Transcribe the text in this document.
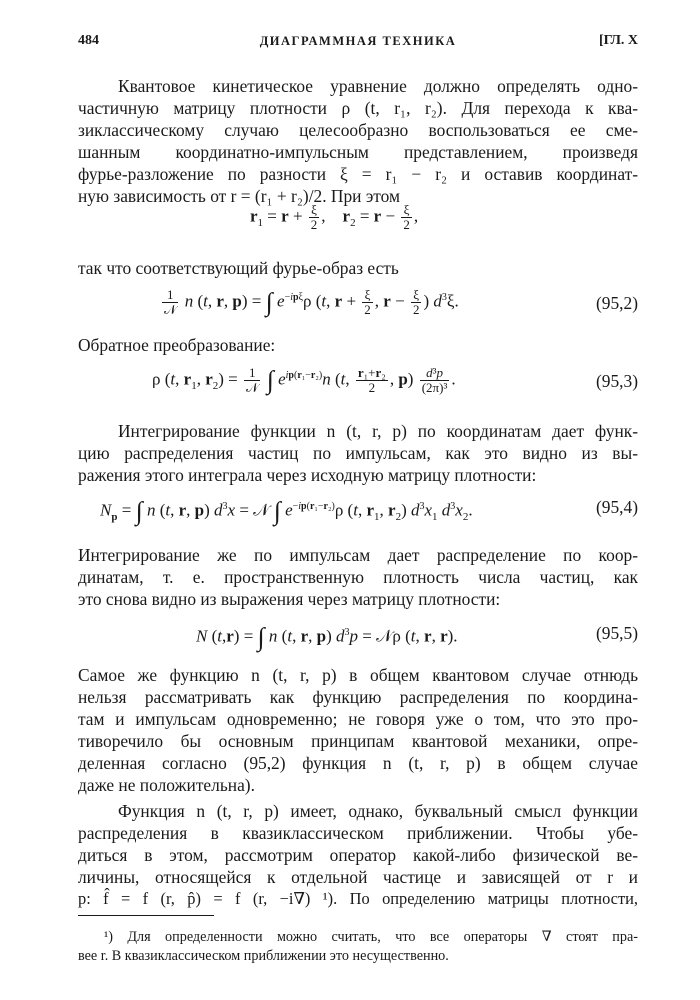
484	ДИАГРАММНАЯ ТЕХНИКА	[ГЛ. X
Квантовое кинетическое уравнение должно определять одно-
частичную матрицу плотности ρ (t, r₁, r₂). Для перехода к ква-
зиклассическому случаю целесообразно воспользоваться ее сме-
шанным координатно-импульсным представлением, произведя
фурье-разложение по разности ξ = r₁ − r₂ и оставив координат-
ную зависимость от r = (r₁ + r₂)/2. При этом
$r_1 = r + \frac{\xi}{2}$ ,    $r_2 = r - \frac{\xi}{2}$ ,
так что соответствующий фурье-образ есть
$\frac{1}{\text{𝒩}}$ n (t, r, p) = ∫ $e^{-ip\xi}\rho$ (t, $r + \frac{\xi}{2}$ , $r - \frac{\xi}{2}$ ) $d^3\xi$.	(95,2)
Обратное преобразование:
ρ (t, $r_1$, $r_2) = \frac{1}{\text{𝒩}}$ ∫ $e^{ip(r_1-r_2)}n$ (t, $\frac{\text{r₁+r₂}}{2}$ , $p) \frac{\text{d³p}}{\text{(2π)³}}$ .	(95,3)
Интегрирование функции n (t, r, p) по координатам дает функ-
цию распределения частиц по импульсам, как это видно из вы-
ражения этого интеграла через исходную матрицу плотности:
$N_p$ = ∫ n (t, r, p) $d^3x$ = 𝒩 ∫ $e^{-ip(r_1-r_2)}\rho$ (t, $r_1$, $r_2$) $d^3x_1$ $d^3x_2$.	(95,4)
Интегрирование же по импульсам дает распределение по коор-
динатам, т. е. пространственную плотность числа частиц, как
это снова видно из выражения через матрицу плотности:
N (t,r) = ∫ n (t, r, p) $d^3p$ = 𝒩ρ (t, r, r).	(95,5)
Самое же функцию n (t, r, p) в общем квантовом случае отнюдь
нельзя рассматривать как функцию распределения по координа-
там и импульсам одновременно; не говоря уже о том, что это про-
тиворечило бы основным принципам квантовой механики, опре-
деленная согласно (95,2) функция n (t, r, p) в общем случае
даже не положительна).
Функция n (t, r, p) имеет, однако, буквальный смысл функции
распределения в квазиклассическом приближении. Чтобы убе-
диться в этом, рассмотрим оператор какой-либо физической ве-
личины, относящейся к отдельной частице и зависящей от r и
p: f̂ = f (r, p̂) = f (r, −i∇) ¹). По определению матрицы плотности,
¹) Для определенности можно считать, что все операторы ∇ стоят пра-
вее r. В квазиклассическом приближении это несущественно.
